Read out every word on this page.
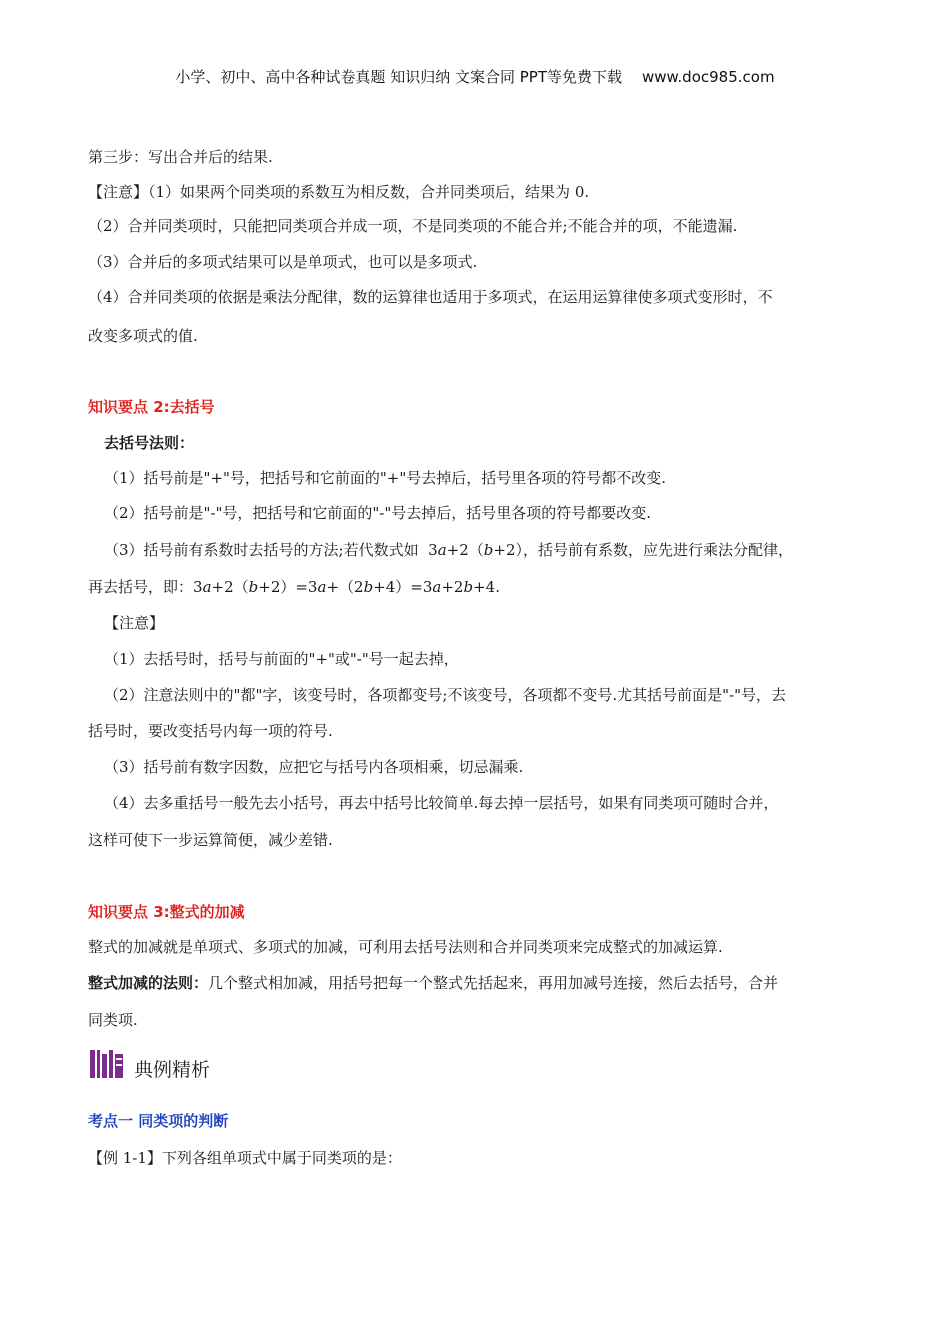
小学、初中、高中各种试卷真题 知识归纳 文案合同 PPT等免费下载 www.doc985.com
第三步：写出合并后的结果.
【注意】（1）如果两个同类项的系数互为相反数，合并同类项后，结果为 0.
（2）合并同类项时，只能把同类项合并成一项，不是同类项的不能合并;不能合并的项，不能遗漏.
（3）合并后的多项式结果可以是单项式，也可以是多项式.
（4）合并同类项的依据是乘法分配律，数的运算律也适用于多项式，在运用运算律使多项式变形时，不
改变多项式的值.
知识要点 2:去括号
去括号法则：
（1）括号前是"+"号，把括号和它前面的"+"号去掉后，括号里各项的符号都不改变.
（2）括号前是"-"号，把括号和它前面的"-"号去掉后，括号里各项的符号都要改变.
（3）括号前有系数时去括号的方法;若代数式如  3a+2（b+2），括号前有系数，应先进行乘法分配律，
再去括号，即：3a+2（b+2）=3a+（2b+4）=3a+2b+4.
【注意】
（1）去括号时，括号与前面的"+"或"-"号一起去掉，
（2）注意法则中的"都"字，该变号时，各项都变号;不该变号，各项都不变号.尤其括号前面是"-"号，去
括号时，要改变括号内每一项的符号.
（3）括号前有数字因数，应把它与括号内各项相乘，切忌漏乘.
（4）去多重括号一般先去小括号，再去中括号比较简单.每去掉一层括号，如果有同类项可随时合并，
这样可使下一步运算简便，减少差错.
知识要点 3:整式的加减
整式的加减就是单项式、多项式的加减，可利用去括号法则和合并同类项来完成整式的加减运算.
整式加减的法则：几个整式相加减，用括号把每一个整式先括起来，再用加减号连接，然后去括号，合并
同类项.
典例精析
考点一 同类项的判断
【例 1-1】下列各组单项式中属于同类项的是：
